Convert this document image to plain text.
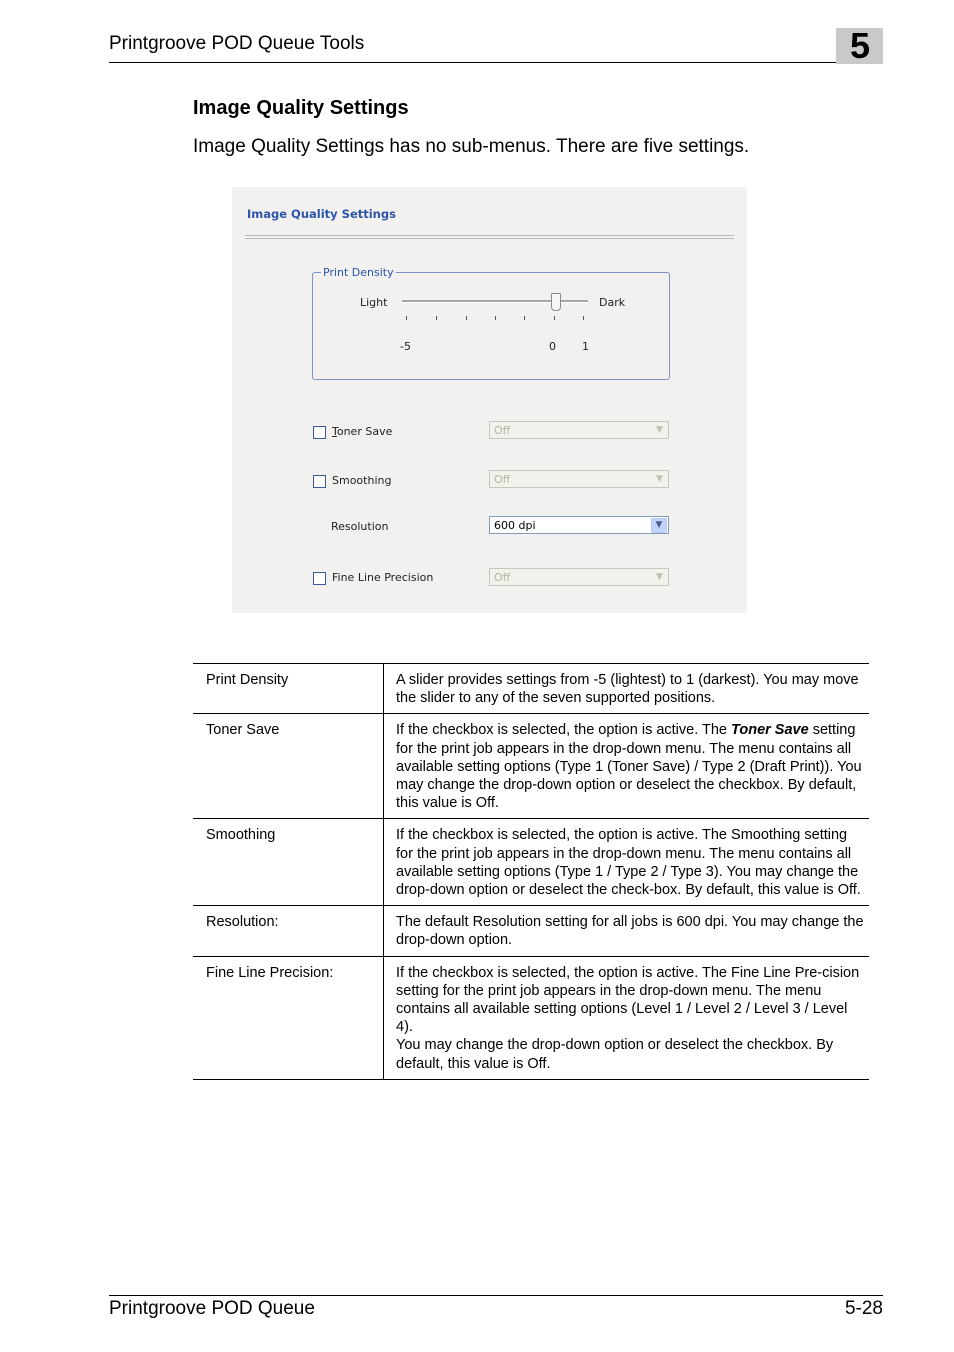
Printgroove POD Queue Tools	5
Image Quality Settings
Image Quality Settings has no sub-menus. There are five settings.
Image Quality Settings
Print Density
Light	Dark
-5	0 1
Toner Save	Off	▼
Smoothing	Off	▼
Resolution	600 dpi	▼
Fine Line Precision	Off	▼
Print Density	A slider provides settings from -5 (lightest) to 1 (darkest). You may move the slider to any of the seven supported positions.
Toner Save	If the checkbox is selected, the option is active. The Toner Save setting for the print job appears in the drop-down menu. The menu contains all available setting options (Type 1 (Toner Save) / Type 2 (Draft Print)). You may change the drop-down option or deselect the checkbox. By default, this value is Off.
Smoothing	If the checkbox is selected, the option is active. The Smoothing setting for the print job appears in the drop-down menu. The menu contains all available setting options (Type 1 / Type 2 / Type 3). You may change the drop-down option or deselect the check-box. By default, this value is Off.
Resolution:	The default Resolution setting for all jobs is 600 dpi. You may change the drop-down option.
Fine Line Precision:	If the checkbox is selected, the option is active. The Fine Line Pre-cision setting for the print job appears in the drop-down menu. The menu contains all available setting options (Level 1 / Level 2 / Level 3 / Level 4).
You may change the drop-down option or deselect the checkbox. By default, this value is Off.
Printgroove POD Queue	5-28
